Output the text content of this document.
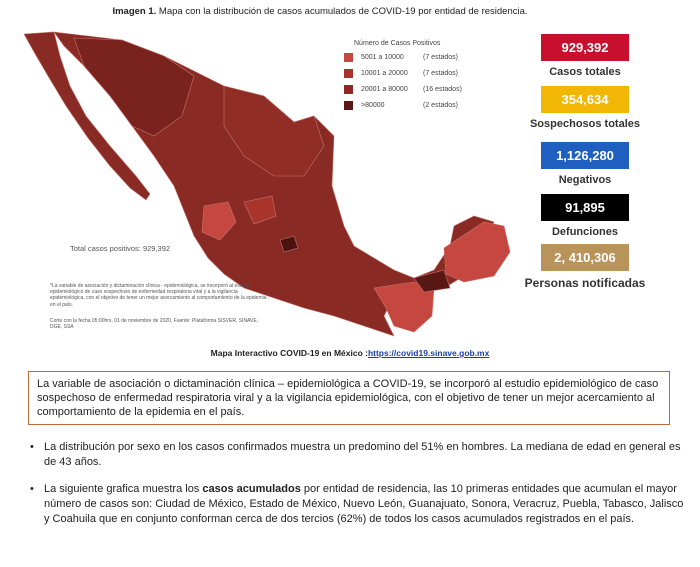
Imagen 1. Mapa con la distribución de casos acumulados de COVID-19 por entidad de residencia.
Número de Casos Positivos
5001 a 10000	(7 estados)
10001 a 20000	(7 estados)
20001 a 80000	(16 estados)
>80000	(2 estados)
Total casos positivos: 929,392
*La variable de asociación y dictaminación clínica - epidemiológica, se incorporó al estudio epidemiológico de caso sospechoso de enfermedad respiratoria viral y a la vigilancia epidemiológica, con el objetivo de tener un mejor acercamiento al comportamiento de la epidemia en el país.
Corte con la fecha 05:00hrs, 01 de noviembre de 2020. Fuente: Plataforma SISVER, SINAVE, DGE, SSA
929,392
Casos totales
354,634
Sospechosos totales
1,126,280
Negativos
91,895
Defunciones
2, 410,306
Personas notificadas
Mapa Interactivo COVID-19 en México :https://covid19.sinave.gob.mx
La variable de asociación o dictaminación clínica – epidemiológica a COVID-19, se incorporó al estudio epidemiológico de caso sospechoso de enfermedad respiratoria viral y a la vigilancia epidemiológica, con el objetivo de tener un mejor acercamiento al comportamiento de la epidemia en el país.
• La distribución por sexo en los casos confirmados muestra un predomino del 51% en hombres. La mediana de edad en general es de 43 años.
• La siguiente grafica muestra los casos acumulados por entidad de residencia, las 10 primeras entidades que acumulan el mayor número de casos son: Ciudad de México, Estado de México, Nuevo León, Guanajuato, Sonora, Veracruz, Puebla, Tabasco, Jalisco y Coahuila que en conjunto conforman cerca de dos tercios (62%) de todos los casos acumulados registrados en el país.
